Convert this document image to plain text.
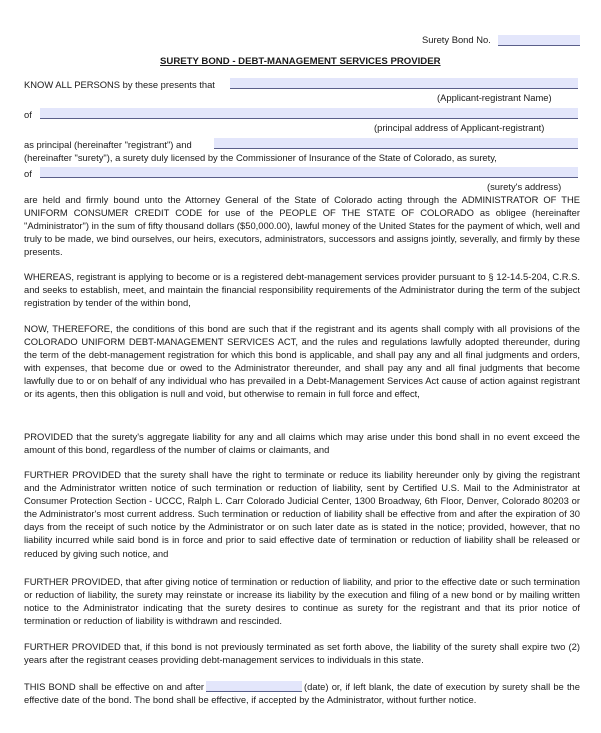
Surety Bond No.
SURETY BOND - DEBT-MANAGEMENT SERVICES PROVIDER
KNOW ALL PERSONS by these presents that
(Applicant-registrant Name)
of
(principal address of Applicant-registrant)
as principal (hereinafter "registrant") and
(hereinafter "surety"), a surety duly licensed by the Commissioner of Insurance of the State of Colorado, as surety,
of
(surety's address)
are held and firmly bound unto the Attorney General of the State of Colorado acting through the ADMINISTRATOR OF THE UNIFORM CONSUMER CREDIT CODE for use of the PEOPLE OF THE STATE OF COLORADO as obligee (hereinafter "Administrator") in the sum of fifty thousand dollars ($50,000.00), lawful money of the United States for the payment of which, well and truly to be made, we bind ourselves, our heirs, executors, administrators, successors and assigns jointly, severally, and firmly by these presents.
WHEREAS, registrant is applying to become or is a registered debt-management services provider pursuant to § 12-14.5-204, C.R.S. and seeks to establish, meet, and maintain the financial responsibility requirements of the Administrator during the term of the subject registration by tender of the within bond,
NOW, THEREFORE, the conditions of this bond are such that if the registrant and its agents shall comply with all provisions of the COLORADO UNIFORM DEBT-MANAGEMENT SERVICES ACT, and the rules and regulations lawfully adopted thereunder, during the term of the debt-management registration for which this bond is applicable, and shall pay any and all final judgments and orders, with expenses, that become due or owed to the Administrator thereunder, and shall pay any and all final judgments that become lawfully due to or on behalf of any individual who has prevailed in a Debt-Management Services Act cause of action against registrant or its agents, then this obligation is null and void, but otherwise to remain in full force and effect,
PROVIDED that the surety's aggregate liability for any and all claims which may arise under this bond shall in no event exceed the amount of this bond, regardless of the number of claims or claimants, and
FURTHER PROVIDED that the surety shall have the right to terminate or reduce its liability hereunder only by giving the registrant and the Administrator written notice of such termination or reduction of liability, sent by Certified U.S. Mail to the Administrator at Consumer Protection Section - UCCC, Ralph L. Carr Colorado Judicial Center, 1300 Broadway, 6th Floor, Denver, Colorado 80203 or the Administrator's most current address. Such termination or reduction of liability shall be effective from and after the expiration of 30 days from the receipt of such notice by the Administrator or on such later date as is stated in the notice; provided, however, that no liability incurred while said bond is in force and prior to said effective date of termination or reduction of liability shall be released or reduced by giving such notice, and
FURTHER PROVIDED, that after giving notice of termination or reduction of liability, and prior to the effective date or such termination or reduction of liability, the surety may reinstate or increase its liability by the execution and filing of a new bond or by mailing written notice to the Administrator indicating that the surety desires to continue as surety for the registrant and that its prior notice of termination or reduction of liability is withdrawn and rescinded.
FURTHER PROVIDED that, if this bond is not previously terminated as set forth above, the liability of the surety shall expire two (2) years after the registrant ceases providing debt-management services to individuals in this state.
THIS BOND shall be effective on and after	(date) or, if left blank, the date of execution by surety shall be the effective date of the bond. The bond shall be effective, if accepted by the Administrator, without further notice.
